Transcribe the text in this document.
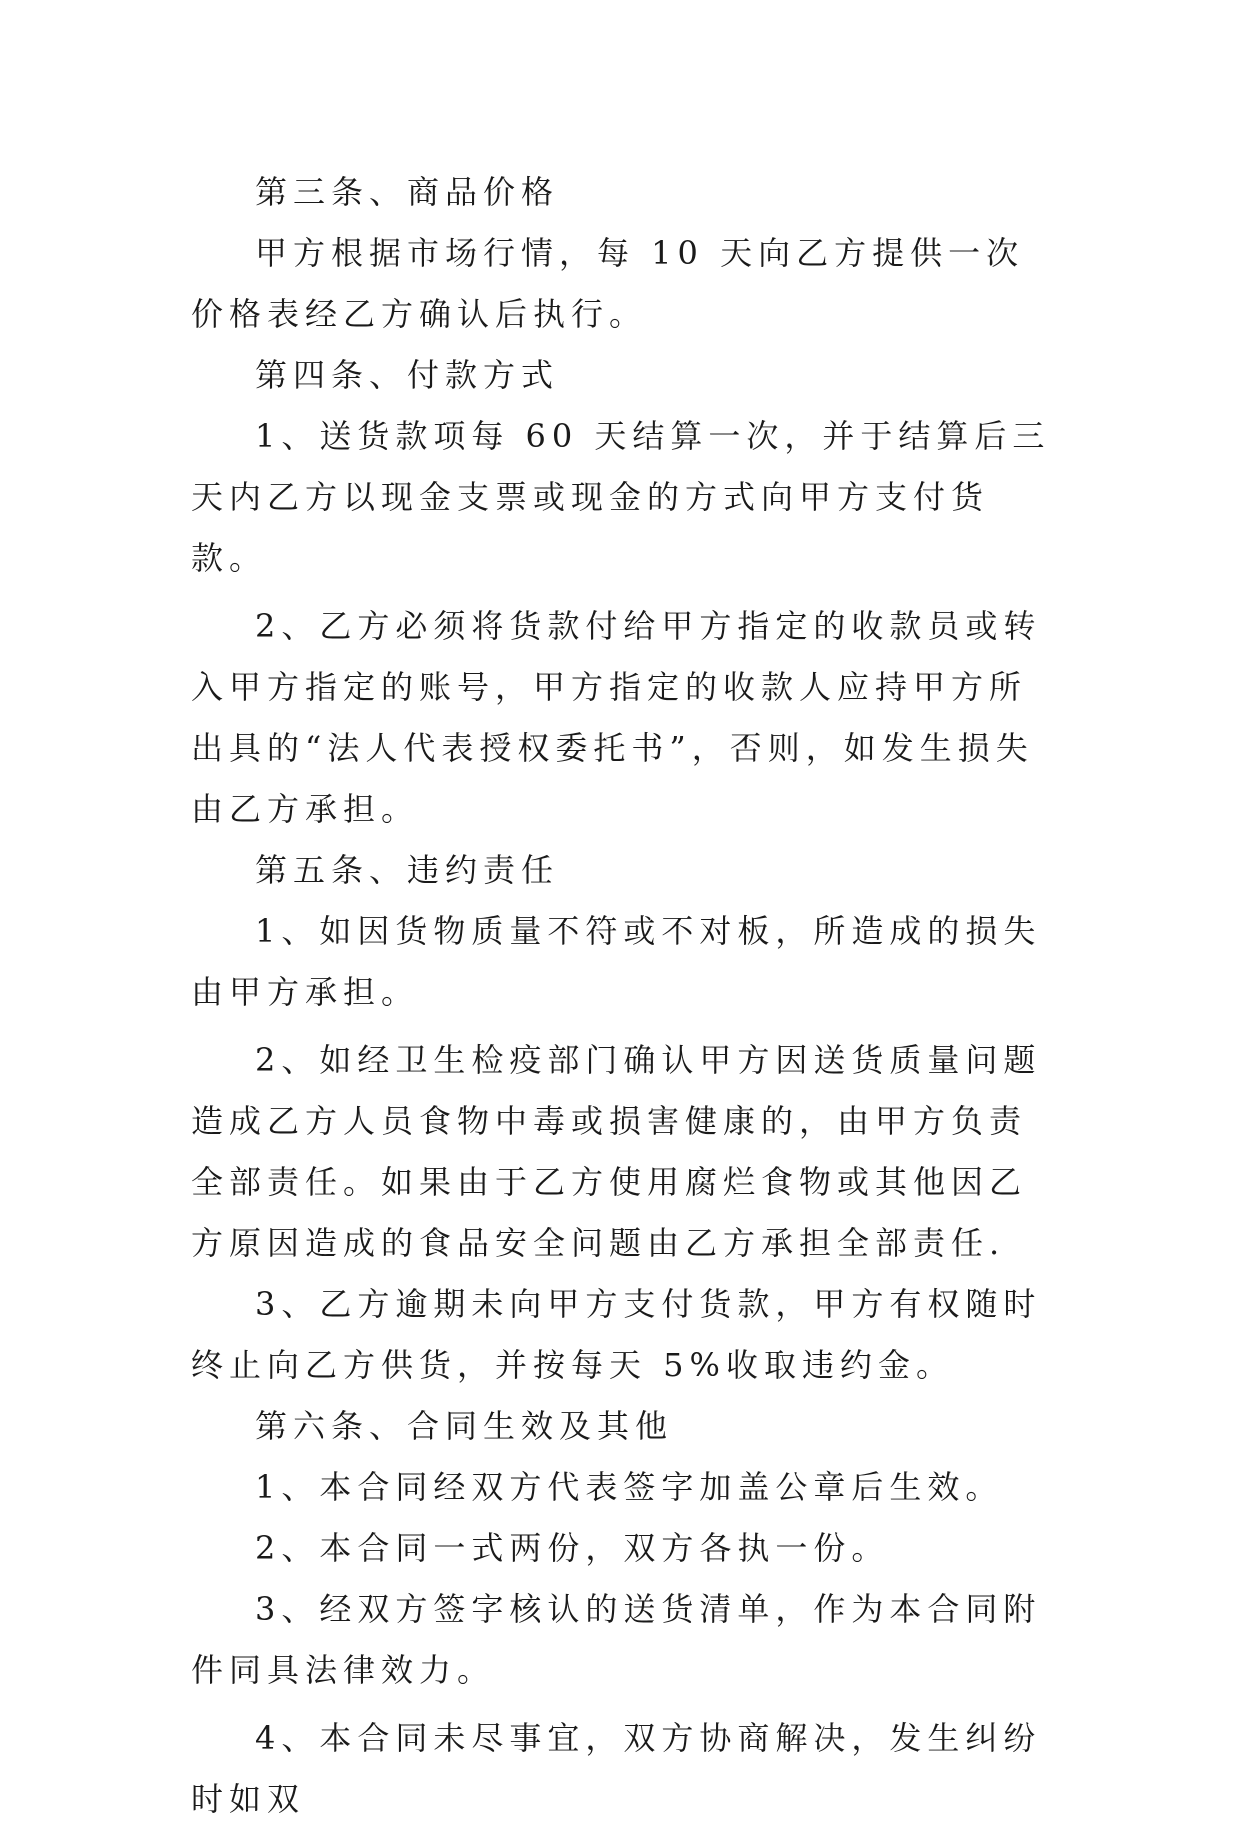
第三条、商品价格

甲方根据市场行情，每 10 天向乙方提供一次价格表经乙方确认后执行。

第四条、付款方式

1、送货款项每 60 天结算一次，并于结算后三天内乙方以现金支票或现金的方式向甲方支付货款。

2、乙方必须将货款付给甲方指定的收款员或转入甲方指定的账号，甲方指定的收款人应持甲方所出具的“法人代表授权委托书”，否则，如发生损失由乙方承担。

第五条、违约责任

1、如因货物质量不符或不对板，所造成的损失由甲方承担。

2、如经卫生检疫部门确认甲方因送货质量问题造成乙方人员食物中毒或损害健康的，由甲方负责全部责任。如果由于乙方使用腐烂食物或其他因乙方原因造成的食品安全问题由乙方承担全部责任.

3、乙方逾期未向甲方支付货款，甲方有权随时终止向乙方供货，并按每天 5%收取违约金。

第六条、合同生效及其他

1、本合同经双方代表签字加盖公章后生效。

2、本合同一式两份，双方各执一份。

3、经双方签字核认的送货清单，作为本合同附件同具法律效力。

4、本合同未尽事宜，双方协商解决，发生纠纷时如双
